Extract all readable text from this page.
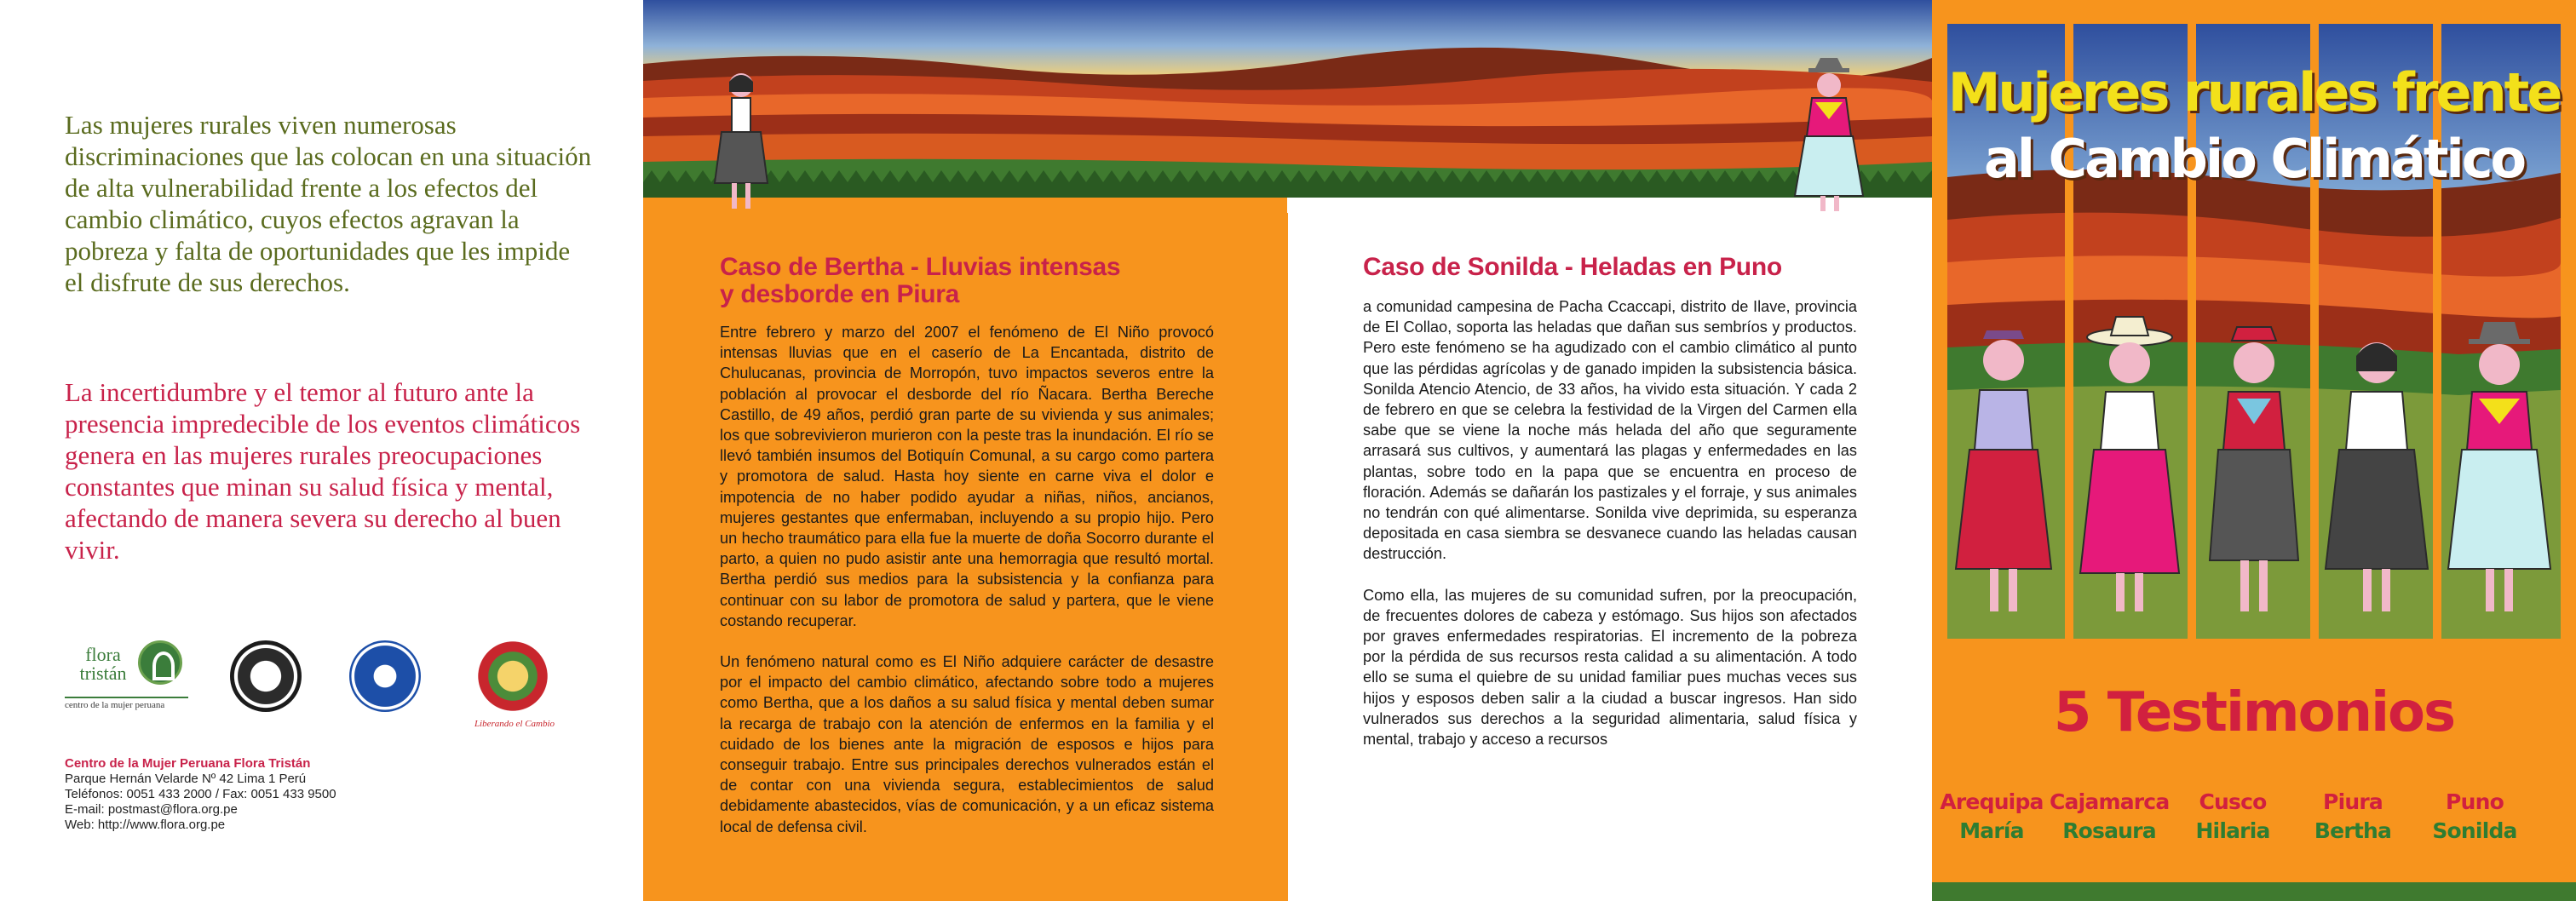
Las mujeres rurales viven numerosas discriminaciones que las colocan en una situación de alta vulnerabilidad frente a los efectos del cambio climático, cuyos efectos agravan la pobreza y falta de oportunidades que les impide el disfrute de sus derechos.
La incertidumbre y el temor al futuro ante la presencia impredecible de los eventos climáticos genera en las mujeres rurales preocupaciones constantes que minan su salud física y mental, afectando de manera severa su derecho al buen vivir.
flora tristán
centro de la mujer peruana
Liberando el Cambio
Centro de la Mujer Peruana Flora Tristán
Parque Hernán Velarde Nº 42 Lima 1 Perú
Teléfonos: 0051 433 2000 / Fax: 0051 433 9500
E-mail: postmast@flora.org.pe
Web: http://www.flora.org.pe
Caso de Bertha - Lluvias intensas
y desborde en Piura

Entre febrero y marzo del 2007 el fenómeno de El Niño provocó intensas lluvias que en el caserío de La Encantada, distrito de Chulucanas, provincia de Morropón, tuvo impactos severos entre la población al provocar el desborde del río Ñacara. Bertha Bereche Castillo, de 49 años, perdió gran parte de su vivienda y sus animales; los que sobrevivieron murieron con la peste tras la inundación. El río se llevó también insumos del Botiquín Comunal, a su cargo como partera y promotora de salud. Hasta hoy siente en carne viva el dolor e impotencia de no haber podido ayudar a niñas, niños, ancianos, mujeres gestantes que enfermaban, incluyendo a su propio hijo. Pero un hecho traumático para ella fue la muerte de doña Socorro durante el parto, a quien no pudo asistir ante una hemorragia que resultó mortal. Bertha perdió sus medios para la subsistencia y la confianza para continuar con su labor de promotora de salud y partera, que le viene costando recuperar.

Un fenómeno natural como es El Niño adquiere carácter de desastre por el impacto del cambio climático, afectando sobre todo a mujeres como Bertha, que a los daños a su salud física y mental deben sumar la recarga de trabajo con la atención de enfermos en la familia y el cuidado de los bienes ante la migración de esposos e hijos para conseguir trabajo. Entre sus principales derechos vulnerados están el de contar con una vivienda segura, establecimientos de salud debidamente abastecidos, vías de comunicación, y a un eficaz sistema local de defensa civil.

Caso de Sonilda - Heladas en Puno

a comunidad campesina de Pacha Ccaccapi, distrito de Ilave, provincia de El Collao, soporta las heladas que dañan sus sembríos y productos. Pero este fenómeno se ha agudizado con el cambio climático al punto que las pérdidas agrícolas y de ganado impiden la subsistencia básica. Sonilda Atencio Atencio, de 33 años, ha vivido esta situación. Y cada 2 de febrero en que se celebra la festividad de la Virgen del Carmen ella sabe que se viene la noche más helada del año que seguramente arrasará sus cultivos, y aumentará las plagas y enfermedades en las plantas, sobre todo en la papa que se encuentra en proceso de floración. Además se dañarán los pastizales y el forraje, y sus animales no tendrán con qué alimentarse. Sonilda vive deprimida, su esperanza depositada en casa siembra se desvanece cuando las heladas causan destrucción.

Como ella, las mujeres de su comunidad sufren, por la preocupación, de frecuentes dolores de cabeza y estómago. Sus hijos son afectados por graves enfermedades respiratorias. El incremento de la pobreza por la pérdida de sus recursos resta calidad a su alimentación. A todo ello se suma el quiebre de su unidad familiar pues muchas veces sus hijos y esposos deben salir a la ciudad a buscar ingresos. Han sido vulnerados sus derechos a la seguridad alimentaria, salud física y mental, trabajo y acceso a recursos

Mujeres rurales frente
al Cambio Climático
5 Testimonios
Arequipa
María
Cajamarca
Rosaura
Cusco
Hilaria
Piura
Bertha
Puno
Sonilda
